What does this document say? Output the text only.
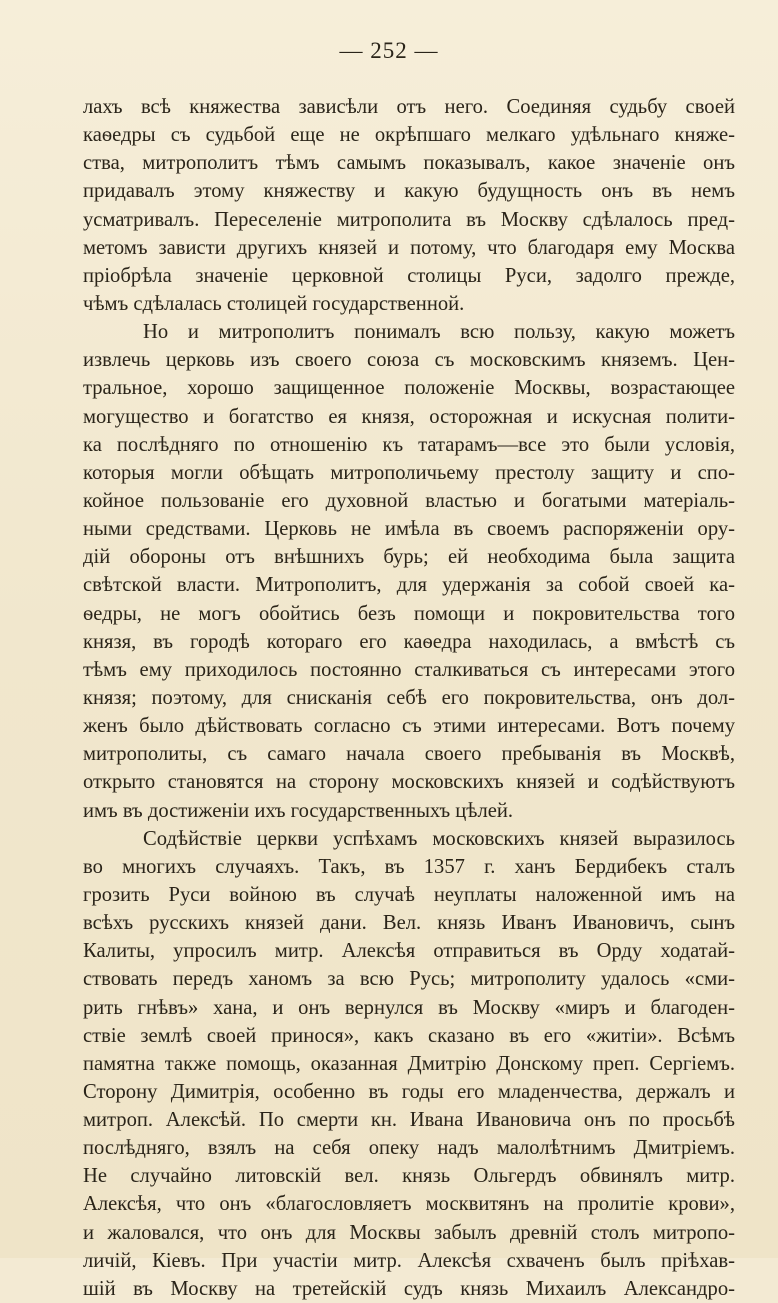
— 252 —
лахъ всѣ княжества зависѣли отъ него. Соединяя судьбу своей
каѳедры съ судьбой еще не окрѣпшаго мелкаго удѣльнаго княже-
ства, митрополитъ тѣмъ самымъ показывалъ, какое значенiе онъ
придавалъ этому княжеству и какую будущность онъ въ немъ
усматривалъ. Переселенiе митрополита въ Москву сдѣлалось пред-
метомъ зависти другихъ князей и потому, что благодаря ему Москва
прiобрѣла значенiе церковной столицы Руси, задолго прежде,
чѣмъ сдѣлалась столицей государственной.
Но и митрополитъ понималъ всю пользу, какую можетъ
извлечь церковь изъ своего союза съ московскимъ княземъ. Цен-
тральное, хорошо защищенное положенiе Москвы, возрастающее
могущество и богатство ея князя, осторожная и искусная полити-
ка послѣдняго по отношенiю къ татарамъ—все это были условiя,
которыя могли обѣщать митрополичьему престолу защиту и спо-
койное пользованiе его духовной властью и богатыми матерiаль-
ными средствами. Церковь не имѣла въ своемъ распоряженiи ору-
дiй обороны отъ внѣшнихъ бурь; ей необходима была защита
свѣтской власти. Митрополитъ, для удержанiя за собой своей ка-
ѳедры, не могъ обойтись безъ помощи и покровительства того
князя, въ городѣ котораго его каѳедра находилась, а вмѣстѣ съ
тѣмъ ему приходилось постоянно сталкиваться съ интересами этого
князя; поэтому, для снисканiя себѣ его покровительства, онъ дол-
женъ было дѣйствовать согласно съ этими интересами. Вотъ почему
митрополиты, съ самаго начала своего пребыванiя въ Москвѣ,
открыто становятся на сторону московскихъ князей и содѣйствуютъ
имъ въ достиженiи ихъ государственныхъ цѣлей.
Содѣйствiе церкви успѣхамъ московскихъ князей выразилось
во многихъ случаяхъ. Такъ, въ 1357 г. ханъ Бердибекъ сталъ
грозить Руси войною въ случаѣ неуплаты наложенной имъ на
всѣхъ русскихъ князей дани. Вел. князь Иванъ Ивановичъ, сынъ
Калиты, упросилъ митр. Алексѣя отправиться въ Орду ходатай-
ствовать передъ ханомъ за всю Русь; митрополиту удалось «сми-
рить гнѣвъ» хана, и онъ вернулся въ Москву «миръ и благоден-
ствiе землѣ своей принося», какъ сказано въ его «житiи». Всѣмъ
памятна также помощь, оказанная Дмитрiю Донскому преп. Сергiемъ.
Сторону Димитрiя, особенно въ годы его младенчества, держалъ и
митроп. Алексѣй. По смерти кн. Ивана Ивановича онъ по просьбѣ
послѣдняго, взялъ на себя опеку надъ малолѣтнимъ Дмитрiемъ.
Не случайно литовскiй вел. князь Ольгердъ обвинялъ митр.
Алексѣя, что онъ «благословляетъ москвитянъ на пролитiе крови»,
и жаловался, что онъ для Москвы забылъ древнiй столъ митропо-
личiй, Кiевъ. При участiи митр. Алексѣя схваченъ былъ прiѣхав-
шiй въ Москву на третейскiй судъ князь Михаилъ Александро-
